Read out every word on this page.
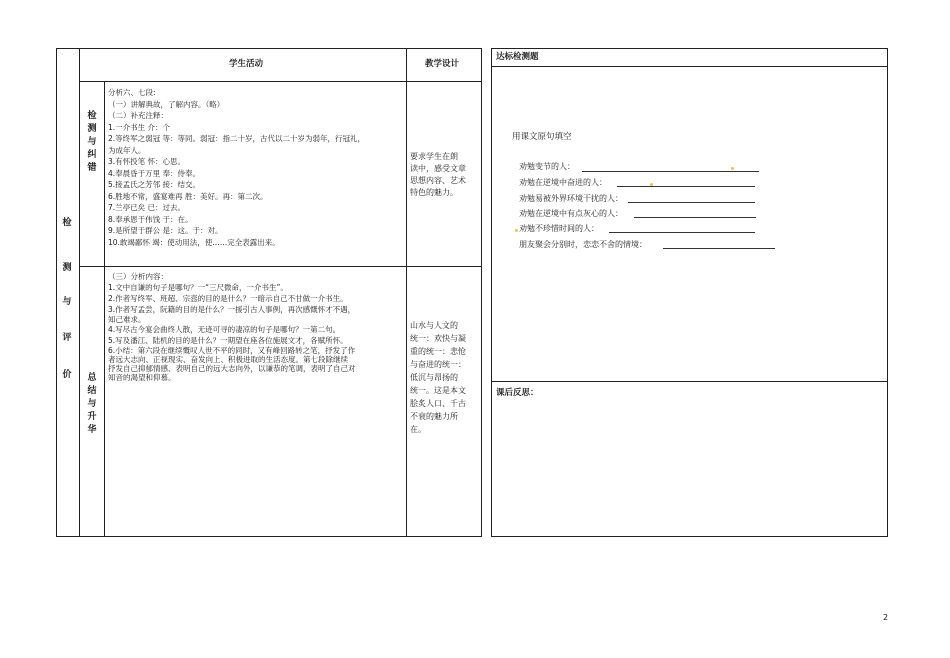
学生活动	教学设计
检
测
与
评
价
检
测
与
纠
错
总
结
与
升
华
分析六、七段:
（一）讲解典故，了解内容。（略）
（二）补充注释：
1.一介书生 介：个
2.等终军之弱冠 等：等同。弱冠：指二十岁，古代以二十岁为弱年，行冠礼，
为成年人。
3.有怀投笔 怀：心思。
4.奉晨昏于万里 奉：侍奉。
5.接孟氏之芳邻 接：结交。
6.胜地不常，盛宴难再 胜：美好。再：第二次。
7.兰亭已矣 已：过去。
8.奉承恩于伟饯 于：在。
9.是所望于群公 是：这。于：对。
10.敢竭鄙怀 竭：使动用法，使……完全表露出来。
要求学生在朗
读中，感受文章
思想内容、艺术
特色的魅力。
（三）分析内容：
1.文中自谦的句子是哪句？一“三尺微命，一介书生”。
2.作者写终军、班超、宗悫的目的是什么？一暗示自己不甘做一介书生。
3.作者写孟尝，阮籍的目的是什么？一援引古人事例，再次感慨怀才不遇，
知己难求。
4.写尽古今宴会曲终人散，无迹可寻的凄凉的句子是哪句？一第二句。
5.写及潘江、陆机的目的是什么？一期望在座各位施展文才，各赋所怀。
6.小结：第六段在继续慨叹人世不平的同时，又有峰回路转之笔，抒发了作
者远大志向、正视现实、奋发向上、积极进取的生活态度。第七段除继续
抒发自己抑郁情感、表明自己的远大志向外，以谦恭的笔调，表明了自己对
知音的渴望和仰慕。
山水与人文的
统一：欢快与凝
重的统一：悲怆
与奋进的统一：
低沉与昂扬的
统一。这是本文
脍炙人口、千古
不衰的魅力所
在。
达标检测题
用课文原句填空
劝勉变节的人：
劝勉在逆境中奋进的人：
劝勉易被外界环境干扰的人：
劝勉在逆境中有点灰心的人：
劝勉不珍惜时间的人：
朋友聚会分别时，恋恋不舍的情境：
课后反思：
2
